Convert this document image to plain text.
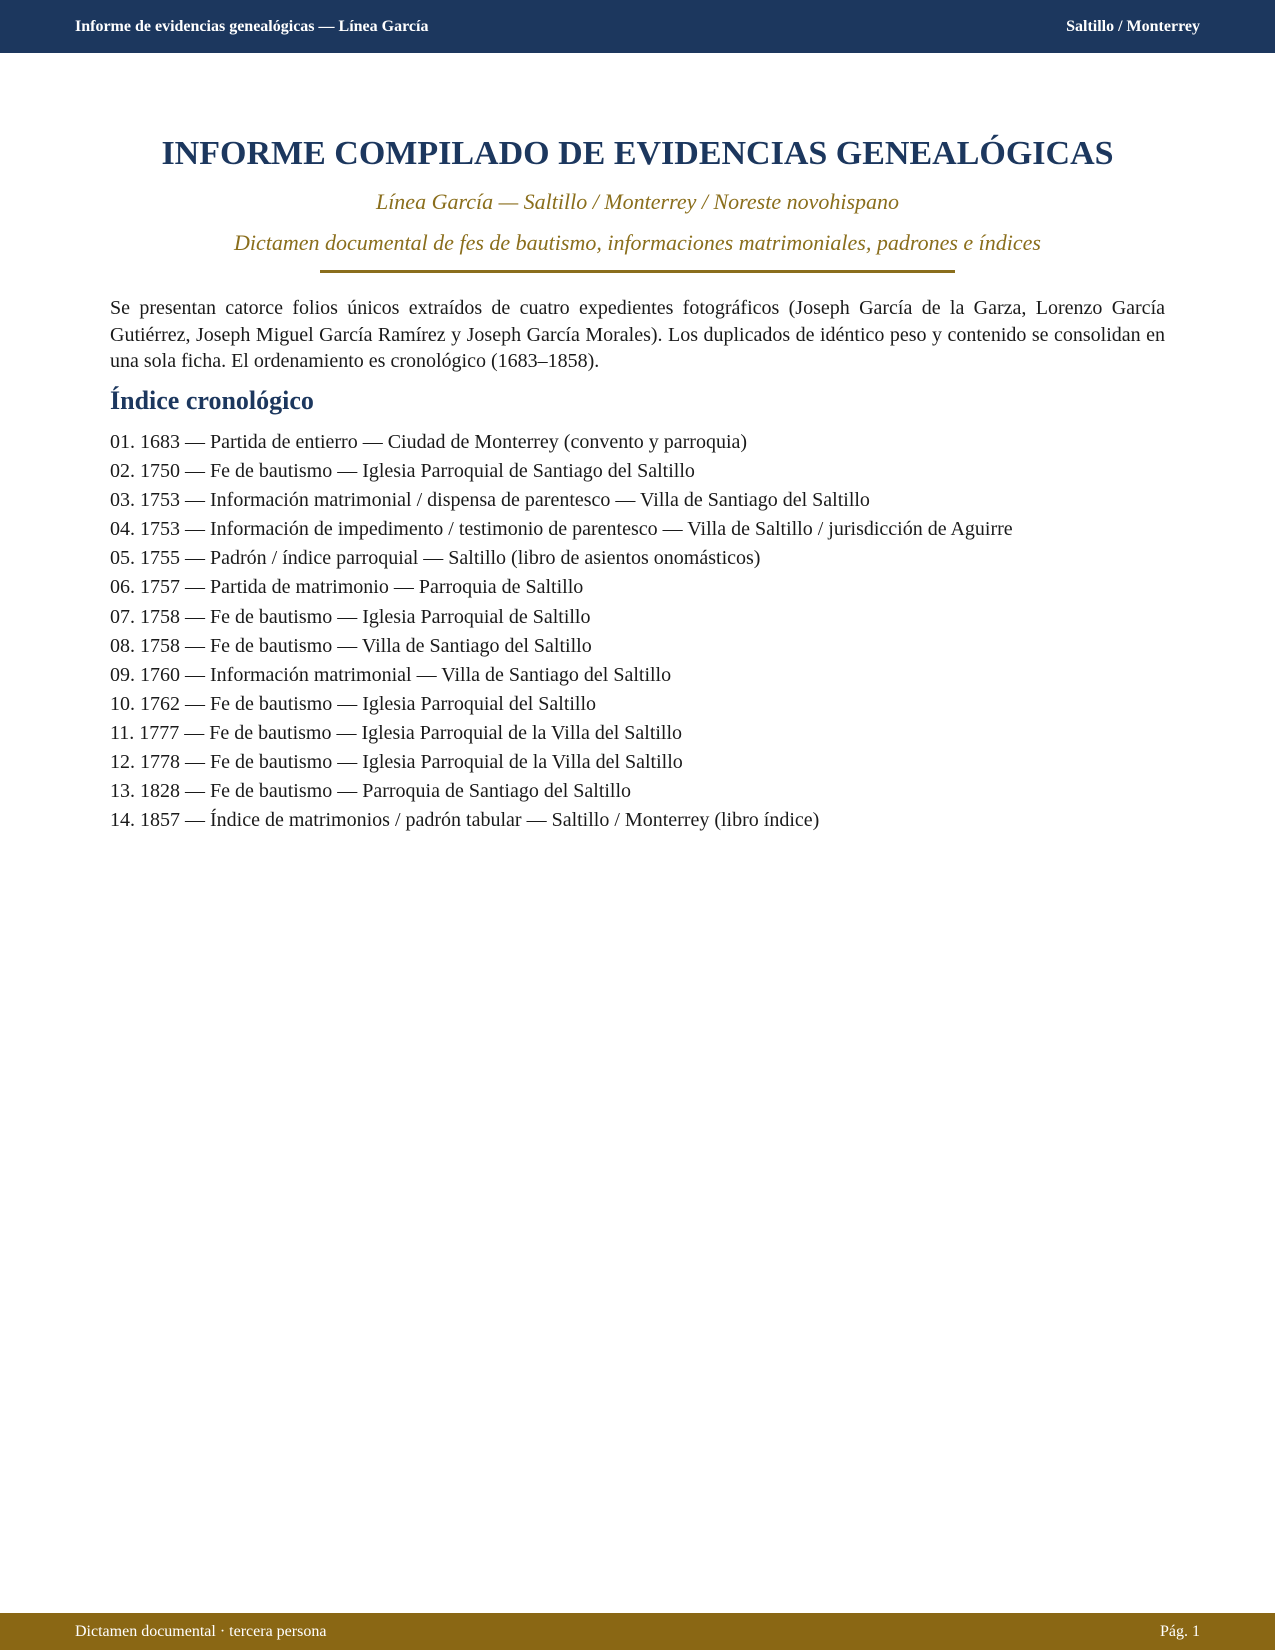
Informe de evidencias genealógicas — Línea García	Saltillo / Monterrey
INFORME COMPILADO DE EVIDENCIAS GENEALÓGICAS

Línea García — Saltillo / Monterrey / Noreste novohispano

Dictamen documental de fes de bautismo, informaciones matrimoniales, padrones e índices

Se presentan catorce folios únicos extraídos de cuatro expedientes fotográficos (Joseph García de la Garza, Lorenzo García Gutiérrez, Joseph Miguel García Ramírez y Joseph García Morales). Los duplicados de idéntico peso y contenido se consolidan en una sola ficha. El ordenamiento es cronológico (1683–1858).

Índice cronológico
01. 1683 — Partida de entierro — Ciudad de Monterrey (convento y parroquia)
02. 1750 — Fe de bautismo — Iglesia Parroquial de Santiago del Saltillo
03. 1753 — Información matrimonial / dispensa de parentesco — Villa de Santiago del Saltillo
04. 1753 — Información de impedimento / testimonio de parentesco — Villa de Saltillo / jurisdicción de Aguirre
05. 1755 — Padrón / índice parroquial — Saltillo (libro de asientos onomásticos)
06. 1757 — Partida de matrimonio — Parroquia de Saltillo
07. 1758 — Fe de bautismo — Iglesia Parroquial de Saltillo
08. 1758 — Fe de bautismo — Villa de Santiago del Saltillo
09. 1760 — Información matrimonial — Villa de Santiago del Saltillo
10. 1762 — Fe de bautismo — Iglesia Parroquial del Saltillo
11. 1777 — Fe de bautismo — Iglesia Parroquial de la Villa del Saltillo
12. 1778 — Fe de bautismo — Iglesia Parroquial de la Villa del Saltillo
13. 1828 — Fe de bautismo — Parroquia de Santiago del Saltillo
14. 1857 — Índice de matrimonios / padrón tabular — Saltillo / Monterrey (libro índice)
Dictamen documental · tercera persona	Pág. 1
